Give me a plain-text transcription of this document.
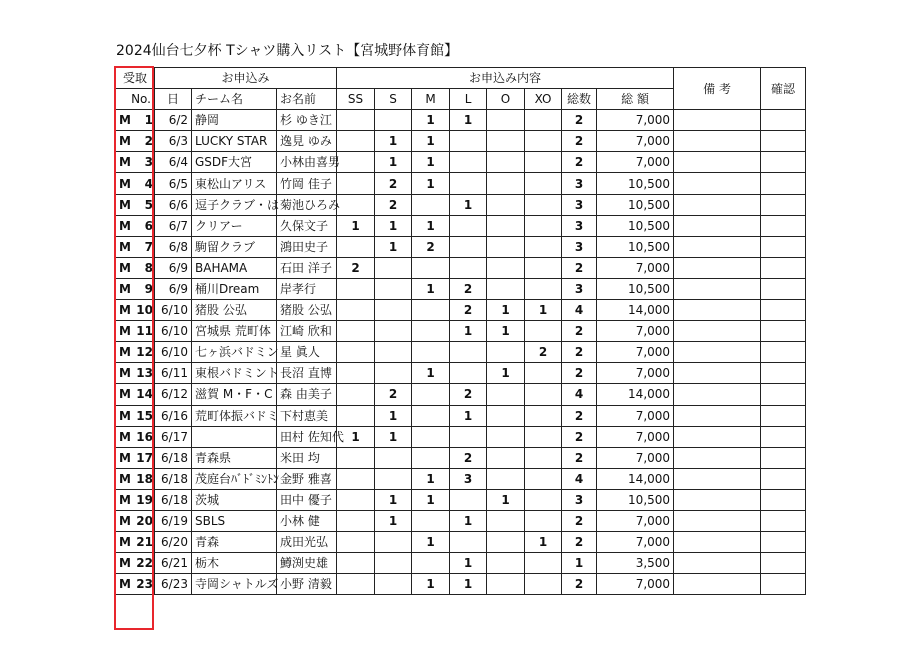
2024仙台七夕杯 Tシャツ購入リスト【宮城野体育館】
受取	お申込み			お申込み内容								備 考	確認
No.	日	チーム名	お名前	SS	S	M	L	O	XO	総数	総 額		
M 1	6/2	静岡	杉 ゆき江			1	1			2	7,000		
M 2	6/3	LUCKY STAR	逸見 ゆみ		1	1				2	7,000		
M 3	6/4	GSDF大宮	小林由喜男		1	1				2	7,000		
M 4	6/5	東松山アリス	竹岡 佳子		2	1				3	10,500		
M 5	6/6	逗子クラブ・は	菊池ひろみ		2		1			3	10,500		
M 6	6/7	クリアー	久保文子	1	1	1				3	10,500		
M 7	6/8	駒留クラブ	鴻田史子		1	2				3	10,500		
M 8	6/9	BAHAMA	石田 洋子	2						2	7,000		
M 9	6/9	桶川Dream	岸孝行			1	2			3	10,500		
M 10	6/10	猪股 公弘	猪股 公弘				2	1	1	4	14,000		
M 11	6/10	宮城県 荒町体	江崎 欣和				1	1		2	7,000		
M 12	6/10	七ヶ浜バドミン	星 眞人						2	2	7,000		
M 13	6/11	東根バドミント	長沼 直博			1		1		2	7,000		
M 14	6/12	滋賀 M・F・C	森 由美子		2		2			4	14,000		
M 15	6/16	荒町体振バドミ	下村恵美		1		1			2	7,000		
M 16	6/17		田村 佐知代	1	1					2	7,000		
M 17	6/18	青森県	米田 均				2			2	7,000		
M 18	6/18	茂庭台ﾊﾞﾄﾞﾐﾝﾄﾝ	金野 雅喜			1	3			4	14,000		
M 19	6/18	茨城	田中 優子		1	1		1		3	10,500		
M 20	6/19	SBLS	小林 健		1		1			2	7,000		
M 21	6/20	青森	成田光弘			1			1	2	7,000		
M 22	6/21	栃木	鱒渕史雄				1			1	3,500		
M 23	6/23	寺岡シャトルズ	小野 清毅			1	1			2	7,000		
